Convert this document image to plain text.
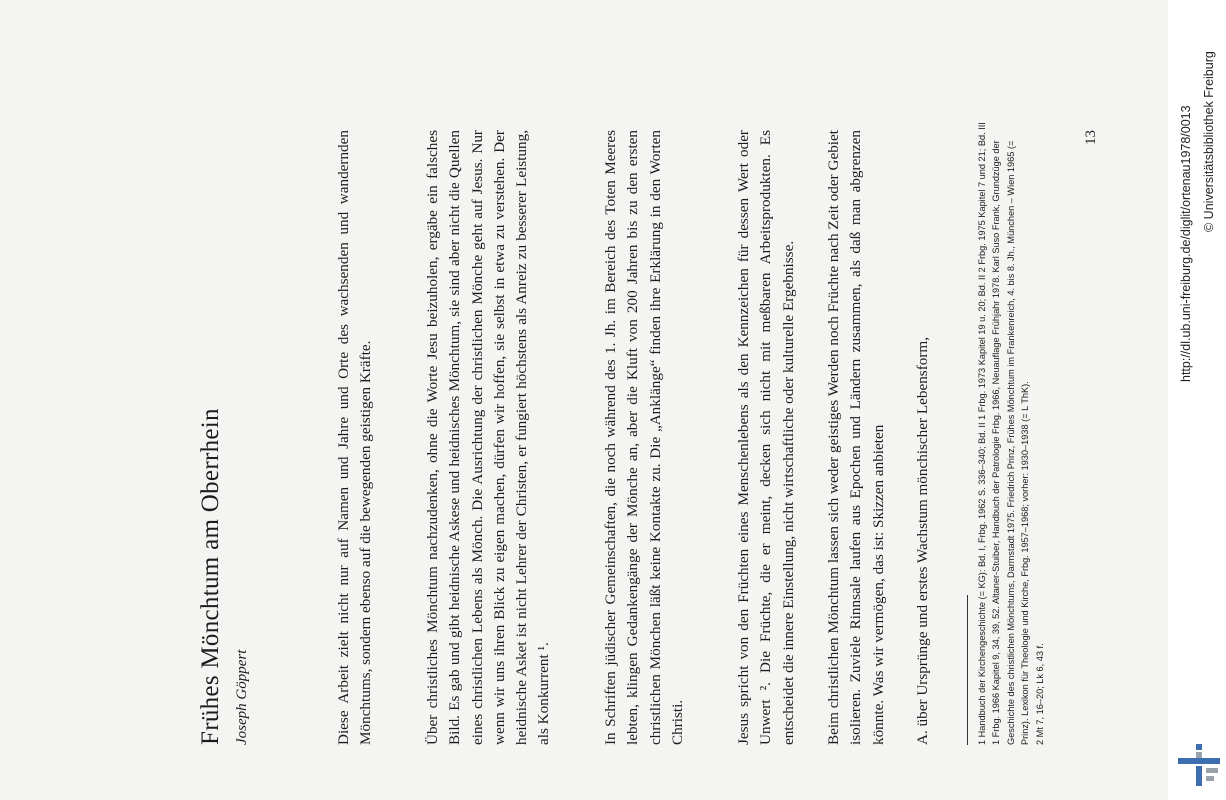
Frühes Mönchtum am Oberrhein Joseph Göppert	Diese Arbeit zielt nicht nur auf Namen und Jahre und Orte des wachsenden und wandernden Mönchtums, sondern ebenso auf die bewegenden geistigen Kräfte.	Über christliches Mönchtum nachzudenken, ohne die Worte Jesu beizuholen, ergäbe ein falsches Bild. Es gab und gibt heidnische Askese und heidnisches Mönchtum, sie sind aber nicht die Quellen eines christlichen Lebens als Mönch. Die Ausrichtung der christlichen Mönche geht auf Jesus. Nur wenn wir uns ihren Blick zu eigen machen, dürfen wir hoffen, sie selbst in etwa zu verstehen. Der heidnische Asket ist nicht Lehrer der Christen, er fungiert höchstens als Anreiz zu besserer Leistung, als Konkurrent ¹.	In Schriften jüdischer Gemeinschaften, die noch während des 1. Jh. im Bereich des Toten Meeres lebten, klingen Gedankengänge der Mönche an, aber die Kluft von 200 Jahren bis zu den ersten christlichen Mönchen läßt keine Kontakte zu. Die „Anklänge“ finden ihre Erklärung in den Worten Christi.	Jesus spricht von den Früchten eines Menschenlebens als den Kennzeichen für dessen Wert oder Unwert ². Die Früchte, die er meint, decken sich nicht mit meßbaren Arbeitsprodukten. Es entscheidet die innere Einstellung, nicht wirtschaftliche oder kulturelle Ergebnisse. Beim christlichen Mönchtum lassen sich weder geistiges Werden noch Früchte nach Zeit oder Gebiet isolieren. Zuviele Rinnsale laufen aus Epochen und Ländern zusammen, als daß man abgrenzen könnte. Was wir vermögen, das ist: Skizzen anbieten A. über Ursprünge und erstes Wachstum mönchischer Lebensform,	1 Handbuch der Kirchengeschichte (= KG): Bd. I, Frbg. 1962 S. 336–340; Bd. II 1 Frbg. 1973 Kapitel 19 u. 20; Bd. II 2 Frbg. 1975 Kapitel 7 und 21; Bd. III 1 Frbg. 1966 Kapitel 9, 34, 39, 52. Altaner-Stuiber, Handbuch der Patrologie Frbg. 1966, Neuauflage Frühjahr 1978. Karl Suso Frank, Grundzüge der Geschichte des christlichen Mönchtums, Darmstadt 1975. Friedrich Prinz, Frühes Mönchtum im Frankenreich, 4. bis 8. Jh., München – Wien 1965 (= Prinz). Lexikon für Theologie und Kirche, Frbg. 1957–1968; vorher: 1930–1938 (= L ThK). 2 Mt 7, 16–20; Lk 6, 43 f.

13	http://dl.ub.uni-freiburg.de/diglit/ortenau1978/0013 © Universitätsbibliothek Freiburg
